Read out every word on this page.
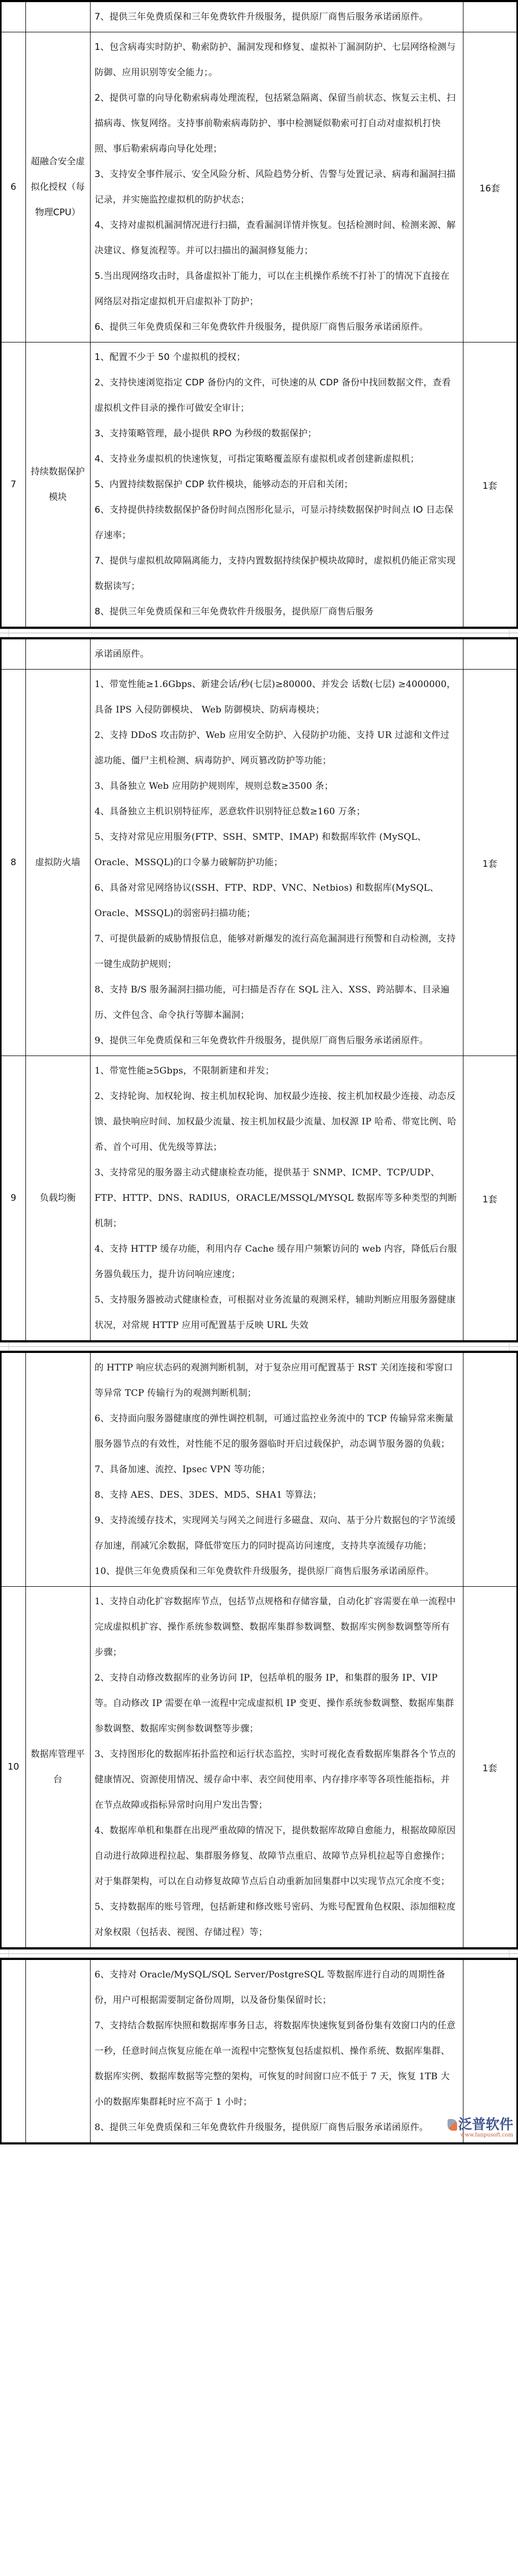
		7、提供三年免费质保和三年免费软件升级服务，提供原厂商售后服务承诺函原件。	

6	超融合安全虚拟化授权（每物理CPU）	
1、包含病毒实时防护、勒索防护、漏洞发现和修复、虚拟补丁漏洞防护、七层网络检测与防御、应用识别等安全能力；。
2、提供可靠的向导化勒索病毒处理流程，包括紧急隔离、保留当前状态、恢复云主机、扫描病毒、恢复网络。支持事前勒索病毒防护、事中检测疑似勒索可打自动对虚拟机打快照、事后勒索病毒向导化处理；
3、支持安全事件展示、安全风险分析、风险趋势分析、告警与处置记录、病毒和漏洞扫描记录，并实施监控虚拟机的防护状态；
4、支持对虚拟机漏洞情况进行扫描，查看漏洞详情并恢复。包括检测时间、检测来源、解决建议、修复流程等。并可以扫描出的漏洞修复能力；
5.当出现网络攻击时，具备虚拟补丁能力，可以在主机操作系统不打补丁的情况下直接在网络层对指定虚拟机开启虚拟补丁防护；
6、提供三年免费质保和三年免费软件升级服务，提供原厂商售后服务承诺函原件。
	16套
7	持续数据保护模块	
1、配置不少于 50 个虚拟机的授权；
2、支持快速浏览指定 CDP 备份内的文件，可快速的从 CDP 备份中找回数据文件，查看虚拟机文件目录的操作可做安全审计；
3、支持策略管理，最小提供 RPO 为秒级的数据保护；
4、支持业务虚拟机的快速恢复，可指定策略覆盖原有虚拟机或者创建新虚拟机；
5、内置持续数据保护 CDP 软件模块，能够动态的开启和关闭；
6、支持提供持续数据保护备份时间点图形化显示，可显示持续数据保护时间点 IO 日志保存速率；
7、提供与虚拟机故障隔离能力，支持内置数据持续保护模块故障时，虚拟机仍能正常实现数据读写；
8、提供三年免费质保和三年免费软件升级服务，提供原厂商售后服务
	1套

		承诺函原件。	

8	虚拟防火墙	
1、带宽性能≥1.6Gbps、新建会话/秒(七层)≥80000、并发会 话数(七层) ≥4000000，具备 IPS 入侵防御模块、 Web 防御模块、防病毒模块；
2、支持 DDoS 攻击防护、Web 应用安全防护、入侵防护功能、支持 UR 过滤和文件过滤功能、僵尸主机检测、病毒防护、网页篡改防护等功能；
3、具备独立 Web 应用防护规则库，规则总数≥3500 条；
4、具备独立主机识别特征库，恶意软件识别特征总数≥160 万条；
5、支持对常见应用服务(FTP、SSH、SMTP、IMAP) 和数据库软件 (MySQL、Oracle、MSSQL)的口令暴力破解防护功能；
6、具备对常见网络协议(SSH、FTP、RDP、VNC、Netbios) 和数据库(MySQL、Oracle、MSSQL)的弱密码扫描功能；
7、可提供最新的威胁情报信息，能够对新爆发的流行高危漏洞进行预警和自动检测，支持一键生成防护规则；
8、支持 B/S 服务漏洞扫描功能，可扫描是否存在 SQL 注入、XSS、跨站脚本、目录遍历、文件包含、命令执行等脚本漏洞；
9、提供三年免费质保和三年免费软件升级服务，提供原厂商售后服务承诺函原件。
	1套
9	负载均衡	1、带宽性能≥5Gbps，不限制新建和并发；
2、支持轮询、加权轮询、按主机加权轮询、加权最少连接、按主机加权最少连接、动态反馈、最快响应时间、加权最少流量、按主机加权最少流量、加权源 IP 哈希、带宽比例、哈希、首个可用、优先级等算法；
3、支持常见的服务器主动式健康检查功能，提供基于 SNMP、ICMP、TCP/UDP、FTP、HTTP、DNS、RADIUS，ORACLE/MSSQL/MYSQL 数据库等多种类型的判断机制；
4、支持 HTTP 缓存功能，利用内存 Cache 缓存用户频繁访问的 web 内容，降低后台服务器负载压力，提升访问响应速度；
5、支持服务器被动式健康检查，可根据对业务流量的观测采样，辅助判断应用服务器健康状况，对常规 HTTP 应用可配置基于反映 URL 失效	1套

的 HTTP 响应状态码的观测判断机制，对于复杂应用可配置基于 RST 关闭连接和零窗口等异常 TCP 传输行为的观测判断机制；
6、支持面向服务器健康度的弹性调控机制，可通过监控业务流中的 TCP 传输异常来衡量服务器节点的有效性，对性能不足的服务器临时开启过载保护，动态调节服务器的负载；
7、具备加速、流控、Ipsec VPN 等功能；
8、支持 AES、DES、3DES、MD5、SHA1 等算法；
9、支持流缓存技术，实现网关与网关之间进行多磁盘、双向、基于分片数据包的字节流缓存加速，削减冗余数据，降低带宽压力的同时提高访问速度，支持共享流缓存功能；
10、提供三年免费质保和三年免费软件升级服务，提供原厂商售后服务承诺函原件。

10	数据库管理平台	1、支持自动化扩容数据库节点，包括节点规格和存储容量，自动化扩容需要在单一流程中完成虚拟机扩容、操作系统参数调整、数据库集群参数调整、数据库实例参数调整等所有步骤；
2、支持自动修改数据库的业务访问 IP，包括单机的服务 IP，和集群的服务 IP、VIP 等。自动修改 IP 需要在单一流程中完成虚拟机 IP 变更、操作系统参数调整、数据库集群参数调整、数据库实例参数调整等步骤；
3、支持图形化的数据库拓扑监控和运行状态监控，实时可视化查看数据库集群各个节点的健康情况、资源使用情况、缓存命中率、表空间使用率、内存排序率等各项性能指标，并在节点故障或指标异常时向用户发出告警；
4、数据库单机和集群在出现严重故障的情况下，提供数据库故障自愈能力，根据故障原因自动进行故障进程拉起、集群服务修复、故障节点重启、故障节点异机拉起等自愈操作；对于集群架构，可以在自动修复故障节点后自动重新加回集群中以实现节点冗余度不变；
5、支持数据库的账号管理，包括新建和修改账号密码、为账号配置角色权限、添加细粒度对象权限（包括表、视图、存储过程）等；	1套

6、支持对 Oracle/MySQL/SQL Server/PostgreSQL 等数据库进行自动的周期性备份，用户可根据需要制定备份周期，以及备份集保留时长；
7、支持结合数据库快照和数据库事务日志，将数据库快速恢复到备份集有效窗口内的任意一秒，任意时间点恢复应能在单一流程中完整恢复包括虚拟机、操作系统、数据库集群、数据库实例、数据库数据等完整的架构，可恢复的时间窗口应不低于 7 天，恢复 1TB 大小的数据库集群耗时应不高于 1 小时；
8、提供三年免费质保和三年免费软件升级服务，提供原厂商售后服务承诺函原件。
		泛普软件
www.fanpusoft.com
